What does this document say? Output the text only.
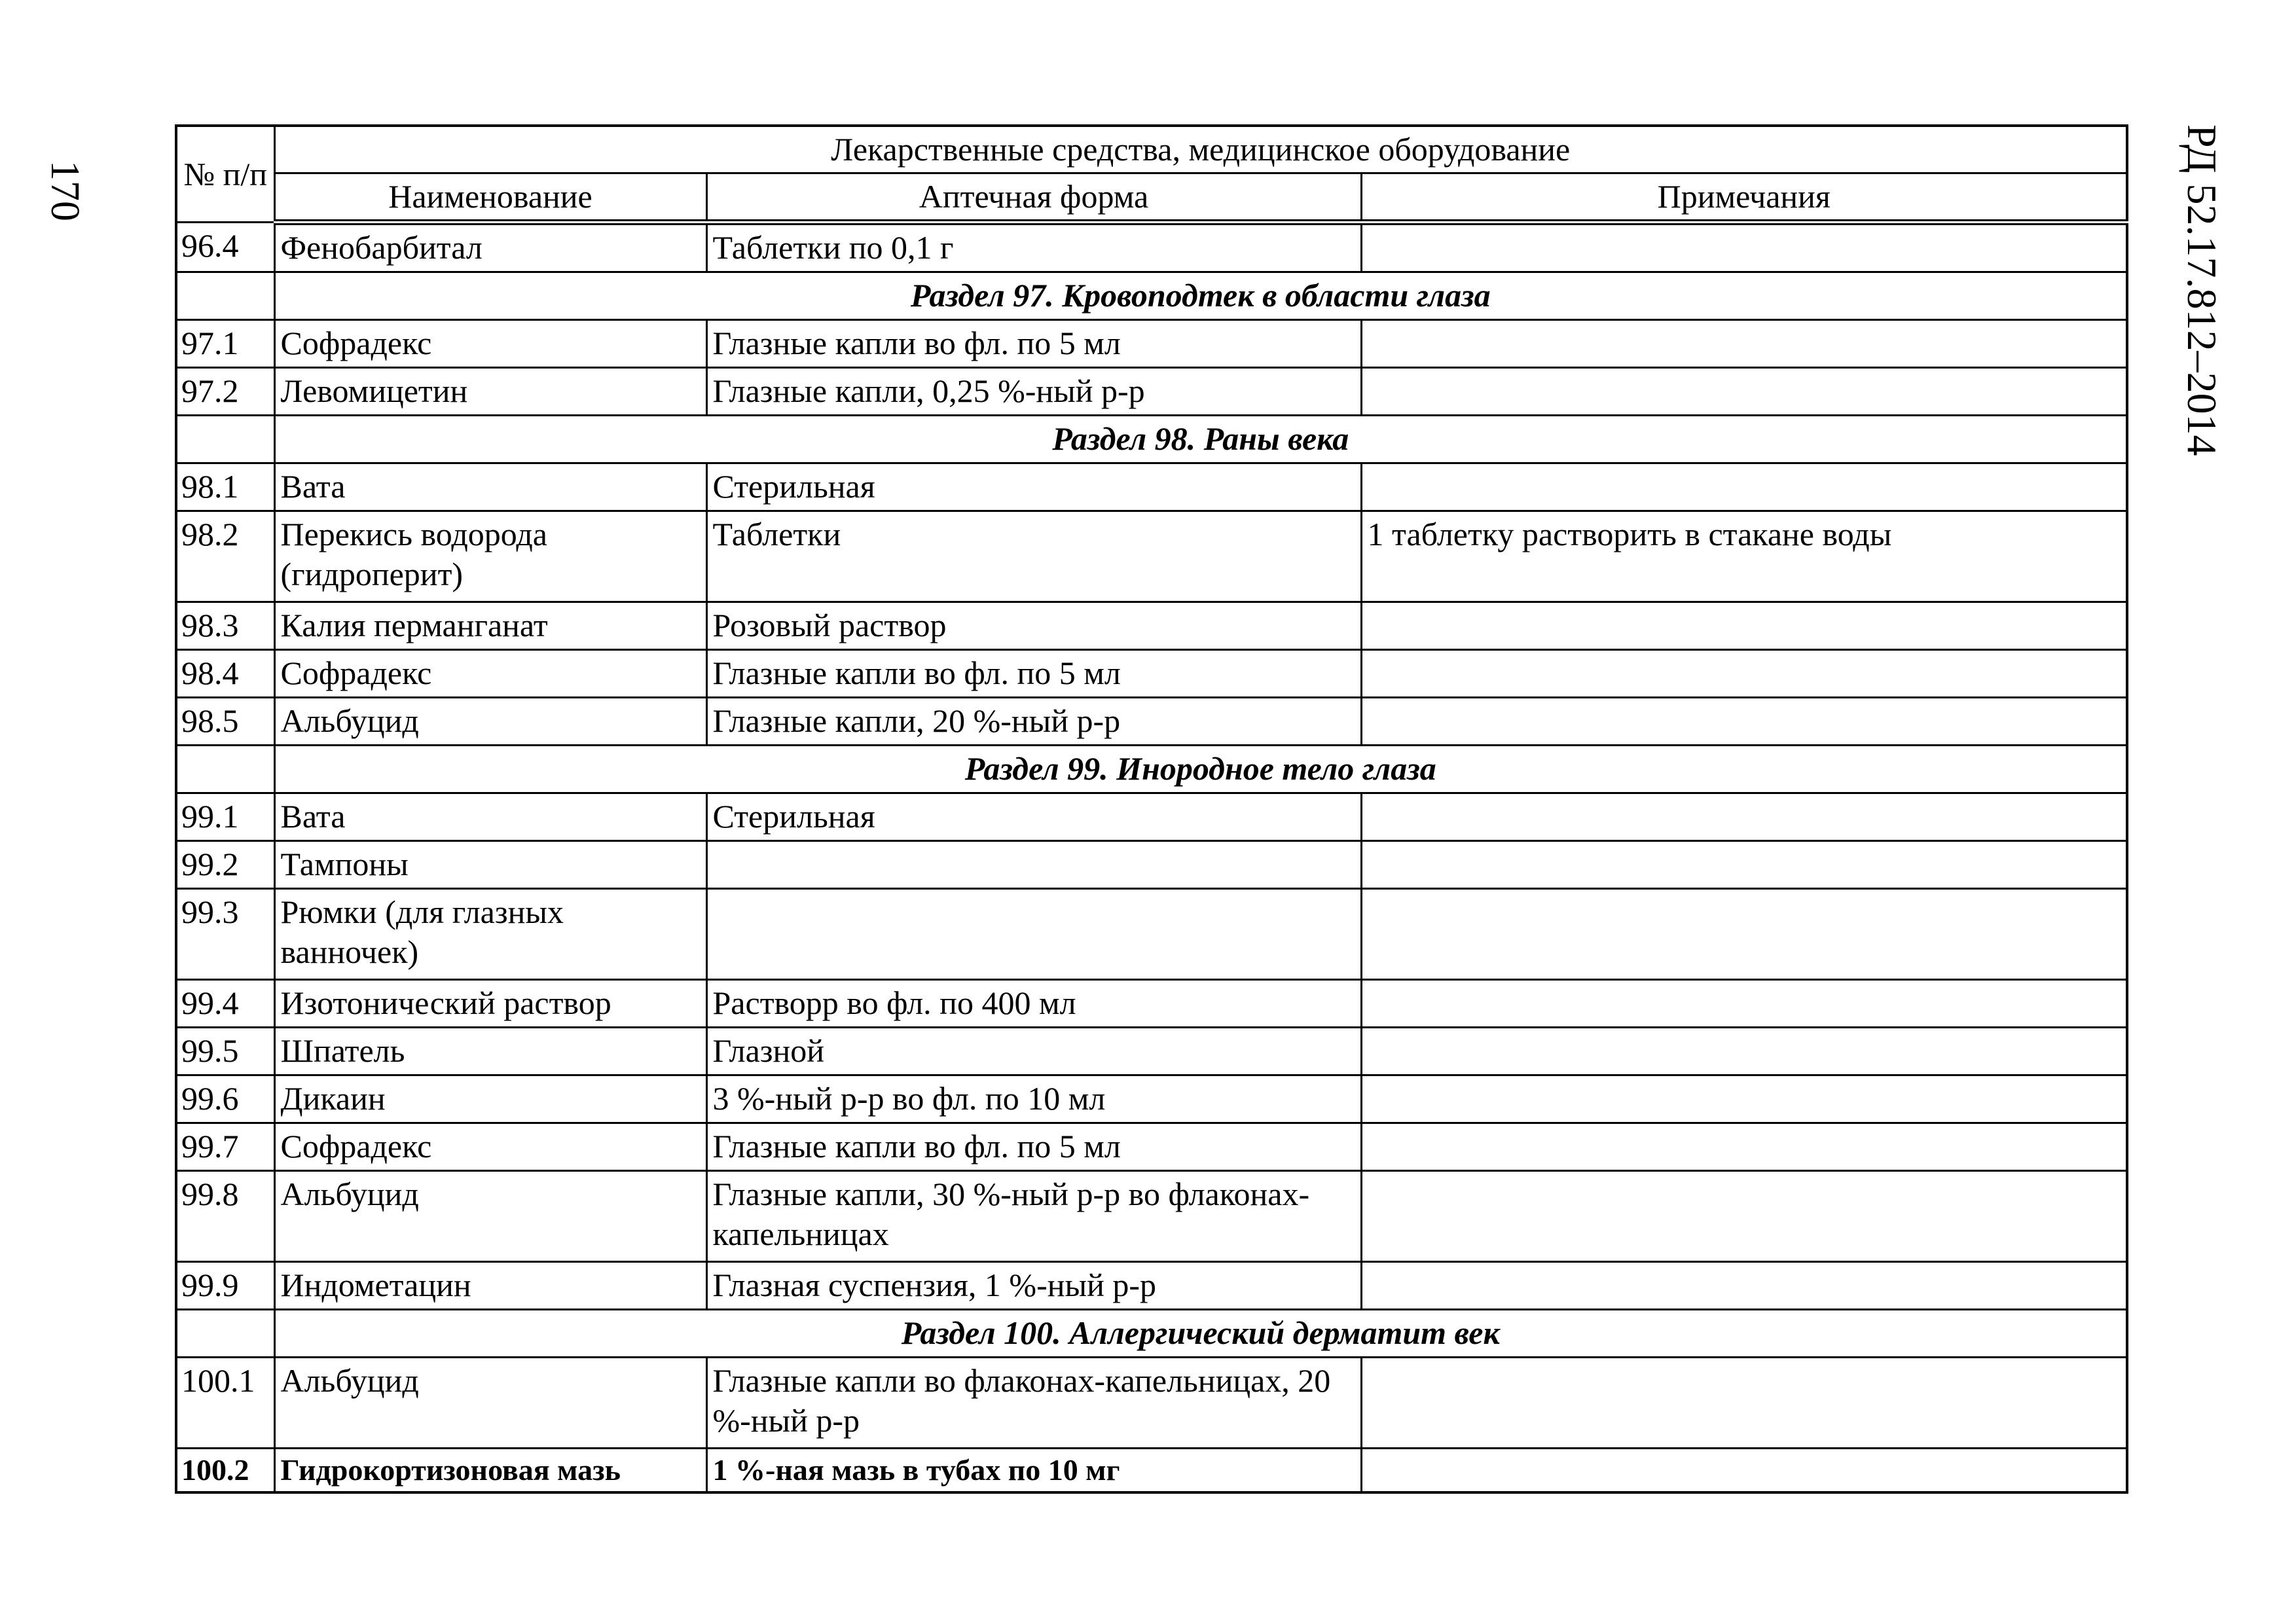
170	РД 52.17.812–2014
№ п/п	Лекарственные средства, медицинское оборудование		
	Наименование	Аптечная форма	Примечания
96.4	Фенобарбитал	Таблетки по 0,1 г	
	Раздел 97. Кровоподтек в области глаза		
97.1	Софрадекс	Глазные капли во фл. по 5 мл	
97.2	Левомицетин	Глазные капли, 0,25 %-ный р-р	
	Раздел 98. Раны века		
98.1	Вата	Стерильная	
98.2	Перекись водорода (гидроперит)	Таблетки	1 таблетку растворить в стакане воды
98.3	Калия перманганат	Розовый раствор	
98.4	Софрадекс	Глазные капли во фл. по 5 мл	
98.5	Альбуцид	Глазные капли, 20 %-ный р-р	
	Раздел 99. Инородное тело глаза		
99.1	Вата	Стерильная	
99.2	Тампоны		
99.3	Рюмки (для глазных ванночек)		
99.4	Изотонический раствор	Растворр во фл. по 400 мл	
99.5	Шпатель	Глазной	
99.6	Дикаин	3 %-ный р-р во фл. по 10 мл	
99.7	Софрадекс	Глазные капли во фл. по 5 мл	
99.8	Альбуцид	Глазные капли, 30 %-ный р-р во флаконах-капельницах	
99.9	Индометацин	Глазная суспензия, 1 %-ный р-р	
	Раздел 100. Аллергический дерматит век		
100.1	Альбуцид	Глазные капли во флаконах-капельницах, 20 %-ный р-р	
100.2	Гидрокортизоновая мазь	1 %-ная мазь в тубах по 10 мг	
